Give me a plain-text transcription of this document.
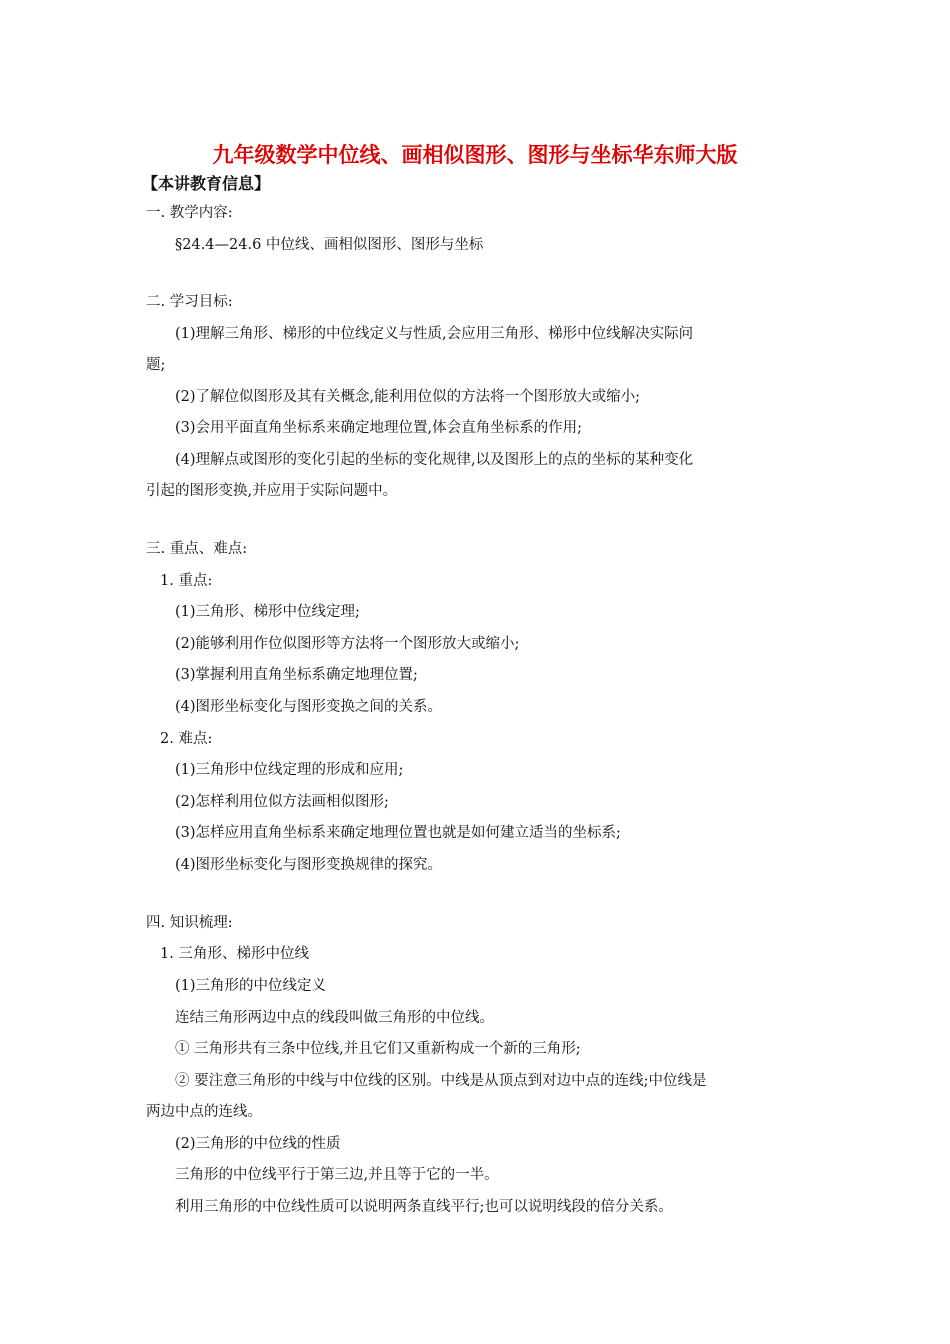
九年级数学中位线、画相似图形、图形与坐标华东师大版
【本讲教育信息】
一. 教学内容:
§24.4—24.6 中位线、画相似图形、图形与坐标
二. 学习目标:
(1)理解三角形、梯形的中位线定义与性质,会应用三角形、梯形中位线解决实际问
题;
(2)了解位似图形及其有关概念,能利用位似的方法将一个图形放大或缩小;
(3)会用平面直角坐标系来确定地理位置,体会直角坐标系的作用;
(4)理解点或图形的变化引起的坐标的变化规律,以及图形上的点的坐标的某种变化
引起的图形变换,并应用于实际问题中。
三. 重点、难点:
1. 重点:
(1)三角形、梯形中位线定理;
(2)能够利用作位似图形等方法将一个图形放大或缩小;
(3)掌握利用直角坐标系确定地理位置;
(4)图形坐标变化与图形变换之间的关系。
2. 难点:
(1)三角形中位线定理的形成和应用;
(2)怎样利用位似方法画相似图形;
(3)怎样应用直角坐标系来确定地理位置也就是如何建立适当的坐标系;
(4)图形坐标变化与图形变换规律的探究。
四. 知识梳理:
1. 三角形、梯形中位线
(1)三角形的中位线定义
连结三角形两边中点的线段叫做三角形的中位线。
① 三角形共有三条中位线,并且它们又重新构成一个新的三角形;
② 要注意三角形的中线与中位线的区别。中线是从顶点到对边中点的连线;中位线是
两边中点的连线。
(2)三角形的中位线的性质
三角形的中位线平行于第三边,并且等于它的一半。
利用三角形的中位线性质可以说明两条直线平行;也可以说明线段的倍分关系。
